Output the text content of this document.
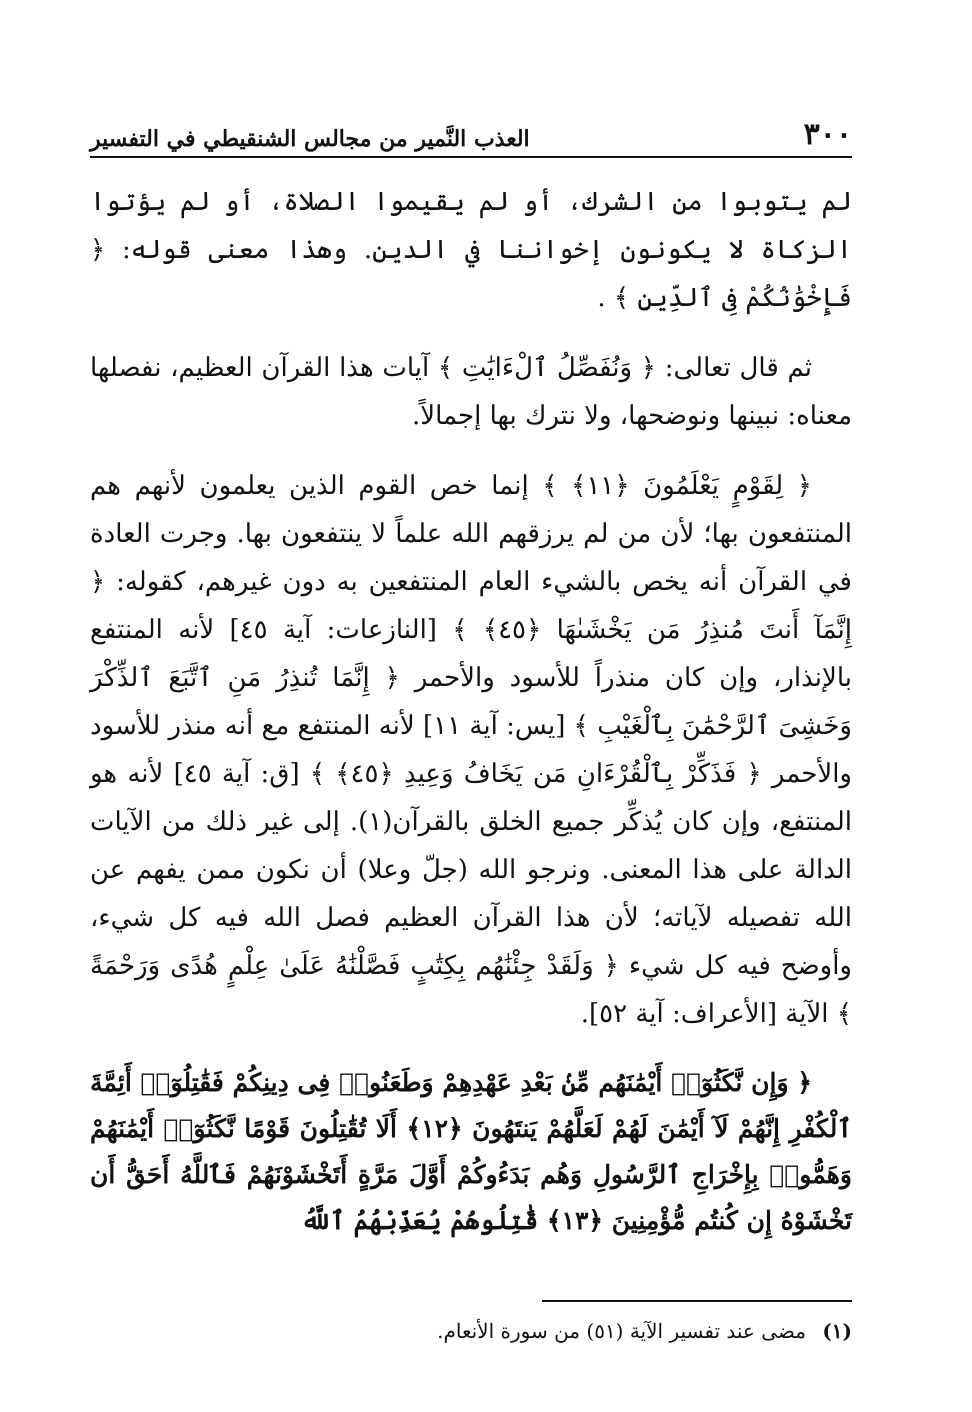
٣٠٠
العذب النَّمير من مجالس الشنقيطي في التفسير

لم يتوبوا من الشرك، أو لم يقيموا الصلاة، أو لم يؤتوا الزكاة لا يكونون إخواننا في الدين. وهذا معنى قوله: ﴿ فَإِخْوَٰنُكُمْ فِى ٱلدِّينِ ﴾ .

ثم قال تعالى: ﴿ وَنُفَصِّلُ ٱلْءَايَٰتِ ﴾ آيات هذا القرآن العظيم، نفصلها معناه: نبينها ونوضحها، ولا نترك بها إجمالاً.

﴿ لِقَوْمٍ يَعْلَمُونَ ﴿١١﴾ ﴾ إنما خص القوم الذين يعلمون لأنهم هم المنتفعون بها؛ لأن من لم يرزقهم الله علماً لا ينتفعون بها. وجرت العادة في القرآن أنه يخص بالشيء العام المنتفعين به دون غيرهم، كقوله: ﴿ إِنَّمَآ أَنتَ مُنذِرُ مَن يَخْشَىٰهَا ﴿٤٥﴾ ﴾ [النازعات: آية ٤٥] لأنه المنتفع بالإنذار، وإن كان منذراً للأسود والأحمر ﴿ إِنَّمَا تُنذِرُ مَنِ ٱتَّبَعَ ٱلذِّكْرَ وَخَشِىَ ٱلرَّحْمَٰنَ بِٱلْغَيْبِ ﴾ [يس: آية ١١] لأنه المنتفع مع أنه منذر للأسود والأحمر ﴿ فَذَكِّرْ بِٱلْقُرْءَانِ مَن يَخَافُ وَعِيدِ ﴿٤٥﴾ ﴾ [ق: آية ٤٥] لأنه هو المنتفع، وإن كان يُذكِّر جميع الخلق بالقرآن(١). إلى غير ذلك من الآيات الدالة على هذا المعنى. ونرجو الله (جلّ وعلا) أن نكون ممن يفهم عن الله تفصيله لآياته؛ لأن هذا القرآن العظيم فصل الله فيه كل شيء، وأوضح فيه كل شيء ﴿ وَلَقَدْ جِئْنَٰهُم بِكِتَٰبٍ فَصَّلْنَٰهُ عَلَىٰ عِلْمٍ هُدًى وَرَحْمَةً ﴾ الآية [الأعراف: آية ٥٢].

﴿ وَإِن نَّكَثُوٓا۟ أَيْمَٰنَهُم مِّنۢ بَعْدِ عَهْدِهِمْ وَطَعَنُوا۟ فِى دِينِكُمْ فَقَٰتِلُوٓا۟ أَئِمَّةَ ٱلْكُفْرِ إِنَّهُمْ لَآ أَيْمَٰنَ لَهُمْ لَعَلَّهُمْ يَنتَهُونَ ﴿١٢﴾ أَلَا تُقَٰتِلُونَ قَوْمًا نَّكَثُوٓا۟ أَيْمَٰنَهُمْ وَهَمُّوا۟ بِإِخْرَاجِ ٱلرَّسُولِ وَهُم بَدَءُوكُمْ أَوَّلَ مَرَّةٍ أَتَخْشَوْنَهُمْ فَٱللَّهُ أَحَقُّ أَن تَخْشَوْهُ إِن كُنتُم مُّؤْمِنِينَ ﴿١٣﴾ قَٰتِلُوهُمْ يُعَذِّبْهُمُ ٱللَّهُ

(١) مضى عند تفسير الآية (٥١) من سورة الأنعام.
